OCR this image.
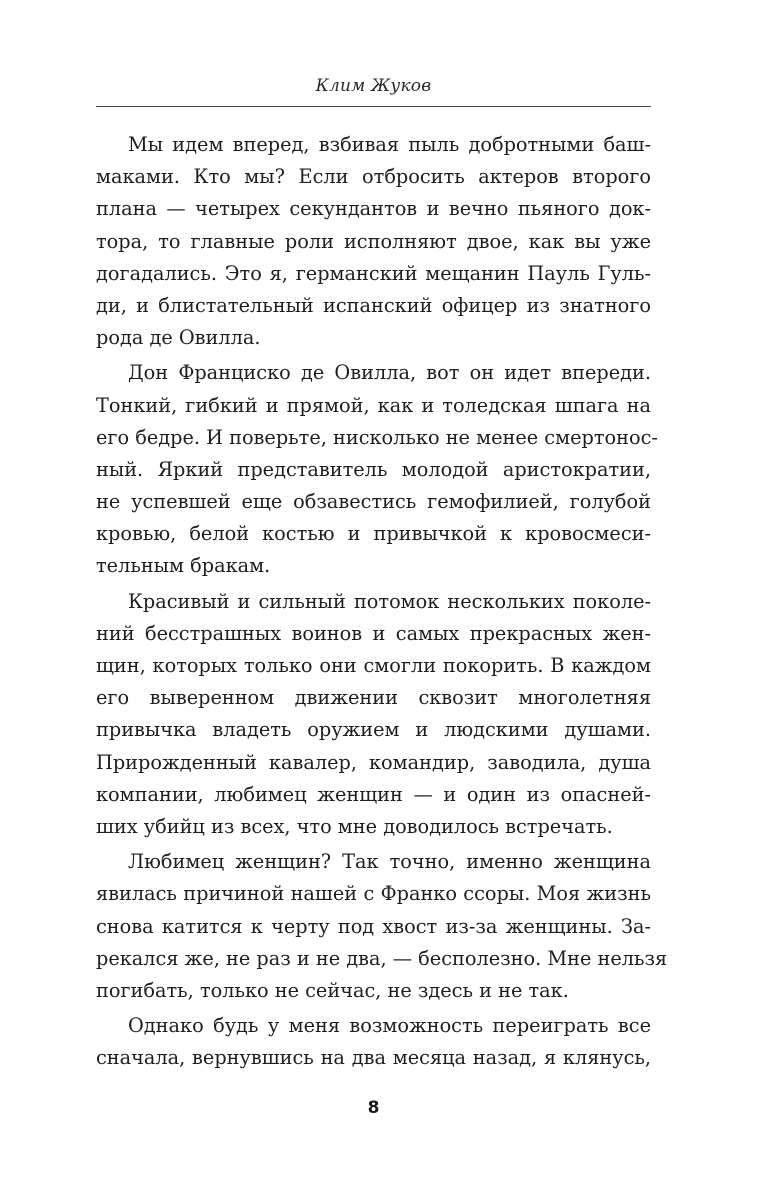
Клим Жуков
Мы идем вперед, взбивая пыль добротными баш-
маками. Кто мы? Если отбросить актеров второго
плана — четырех секундантов и вечно пьяного док-
тора, то главные роли исполняют двое, как вы уже
догадались. Это я, германский мещанин Пауль Гуль-
ди, и блистательный испанский офицер из знатного
рода де Овилла.
Дон Франциско де Овилла, вот он идет впереди.
Тонкий, гибкий и прямой, как и толедская шпага на
его бедре. И поверьте, нисколько не менее смертонос-
ный. Яркий представитель молодой аристократии,
не успевшей еще обзавестись гемофилией, голубой
кровью, белой костью и привычкой к кровосмеси-
тельным бракам.
Красивый и сильный потомок нескольких поколе-
ний бесстрашных воинов и самых прекрасных жен-
щин, которых только они смогли покорить. В каждом
его выверенном движении сквозит многолетняя
привычка владеть оружием и людскими душами.
Прирожденный кавалер, командир, заводила, душа
компании, любимец женщин — и один из опасней-
ших убийц из всех, что мне доводилось встречать.
Любимец женщин? Так точно, именно женщина
явилась причиной нашей с Франко ссоры. Моя жизнь
снова катится к черту под хвост из-за женщины. За-
рекался же, не раз и не два, — бесполезно. Мне нельзя
погибать, только не сейчас, не здесь и не так.
Однако будь у меня возможность переиграть все
сначала, вернувшись на два месяца назад, я клянусь,
8
